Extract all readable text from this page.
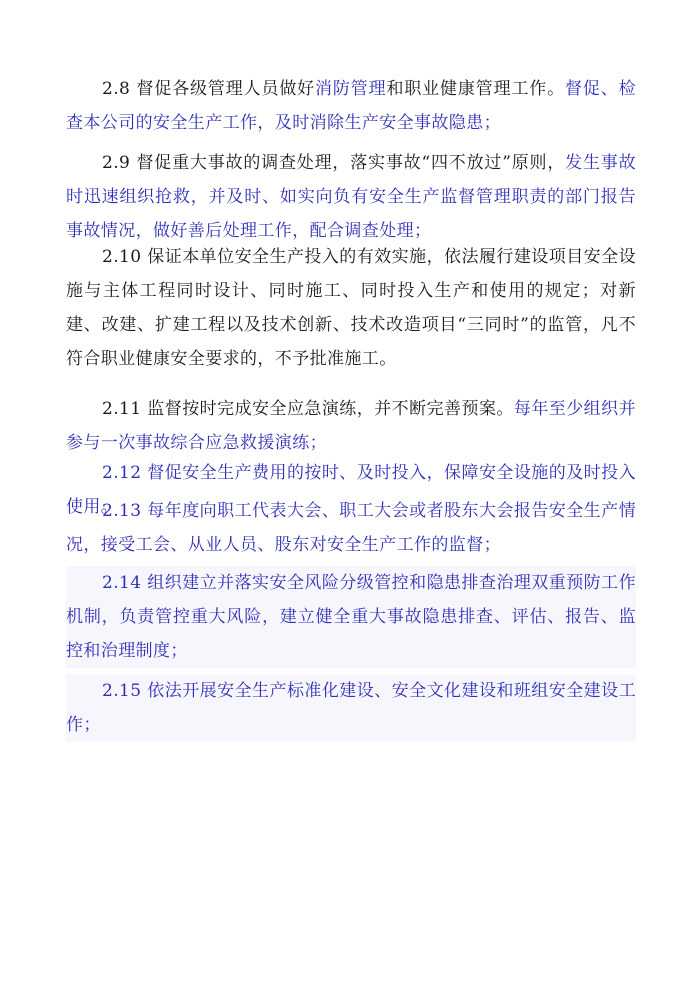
2.8 督促各级管理人员做好消防管理和职业健康管理工作。督促、检查本公司的安全生产工作，及时消除生产安全事故隐患；

2.9 督促重大事故的调查处理，落实事故“四不放过”原则，发生事故时迅速组织抢救，并及时、如实向负有安全生产监督管理职责的部门报告事故情况，做好善后处理工作，配合调查处理；

2.10 保证本单位安全生产投入的有效实施，依法履行建设项目安全设施与主体工程同时设计、同时施工、同时投入生产和使用的规定；对新建、改建、扩建工程以及技术创新、技术改造项目“三同时”的监管，凡不符合职业健康安全要求的，不予批准施工。

2.11 监督按时完成安全应急演练，并不断完善预案。每年至少组织并参与一次事故综合应急救援演练；

2.12 督促安全生产费用的按时、及时投入，保障安全设施的及时投入使用。

2.13 每年度向职工代表大会、职工大会或者股东大会报告安全生产情况，接受工会、从业人员、股东对安全生产工作的监督；

2.14 组织建立并落实安全风险分级管控和隐患排查治理双重预防工作机制，负责管控重大风险，建立健全重大事故隐患排查、评估、报告、监控和治理制度；

2.15 依法开展安全生产标准化建设、安全文化建设和班组安全建设工作；
